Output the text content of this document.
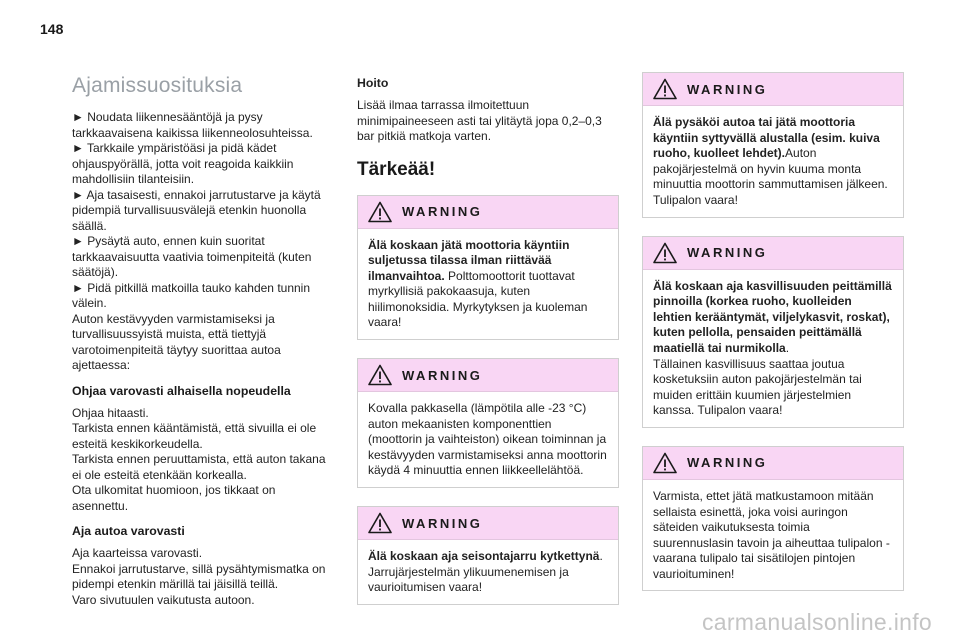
148
Ajamissuosituksia

► Noudata liikennesääntöjä ja pysy tarkkaavaisena kaikissa liikenneolosuhteissa.
► Tarkkaile ympäristöäsi ja pidä kädet ohjauspyörällä, jotta voit reagoida kaikkiin mahdollisiin tilanteisiin.
► Aja tasaisesti, ennakoi jarrutustarve ja käytä pidempiä turvallisuusvälejä etenkin huonolla säällä.
► Pysäytä auto, ennen kuin suoritat tarkkaavaisuutta vaativia toimenpiteitä (kuten säätöjä).
► Pidä pitkillä matkoilla tauko kahden tunnin välein.
Auton kestävyyden varmistamiseksi ja turvallisuussyistä muista, että tiettyjä varotoimenpiteitä täytyy suorittaa autoa ajettaessa:

Ohjaa varovasti alhaisella nopeudella

Ohjaa hitaasti.
Tarkista ennen kääntämistä, että sivuilla ei ole esteitä keskikorkeudella.
Tarkista ennen peruuttamista, että auton takana ei ole esteitä etenkään korkealla.
Ota ulkomitat huomioon, jos tikkaat on asennettu.

Aja autoa varovasti

Aja kaarteissa varovasti.
Ennakoi jarrutustarve, sillä pysähtymismatka on pidempi etenkin märillä tai jäisillä teillä.
Varo sivutuulen vaikutusta autoon.

Hoito

Lisää ilmaa tarrassa ilmoitettuun minimipaineeseen asti tai ylitäytä jopa 0,2–0,3 bar pitkiä matkoja varten.

Tärkeää!
WARNING
Älä koskaan jätä moottoria käyntiin suljetussa tilassa ilman riittävää ilmanvaihtoa. Polttomoottorit tuottavat myrkyllisiä pakokaasuja, kuten hiilimonoksidia. Myrkytyksen ja kuoleman vaara!
WARNING
Kovalla pakkasella (lämpötila alle -23 °C) auton mekaanisten komponenttien (moottorin ja vaihteiston) oikean toiminnan ja kestävyyden varmistamiseksi anna moottorin käydä 4 minuuttia ennen liikkeellelähtöä.
WARNING
Älä koskaan aja seisontajarru kytkettynä.
Jarrujärjestelmän ylikuumenemisen ja vaurioitumisen vaara!
WARNING
Älä pysäköi autoa tai jätä moottoria käyntiin syttyvällä alustalla (esim. kuiva ruoho, kuolleet lehdet).Auton pakojärjestelmä on hyvin kuuma monta minuuttia moottorin sammuttamisen jälkeen.
Tulipalon vaara!
WARNING
Älä koskaan aja kasvillisuuden peittämillä pinnoilla (korkea ruoho, kuolleiden lehtien kerääntymät, viljelykasvit, roskat), kuten pellolla, pensaiden peittämällä maatiellä tai nurmikolla.
Tällainen kasvillisuus saattaa joutua kosketuksiin auton pakojärjestelmän tai muiden erittäin kuumien järjestelmien kanssa. Tulipalon vaara!
WARNING
Varmista, ettet jätä matkustamoon mitään sellaista esinettä, joka voisi auringon säteiden vaikutuksesta toimia suurennuslasin tavoin ja aiheuttaa tulipalon - vaarana tulipalo tai sisätilojen pintojen vaurioituminen!
carmanualsonline.info
